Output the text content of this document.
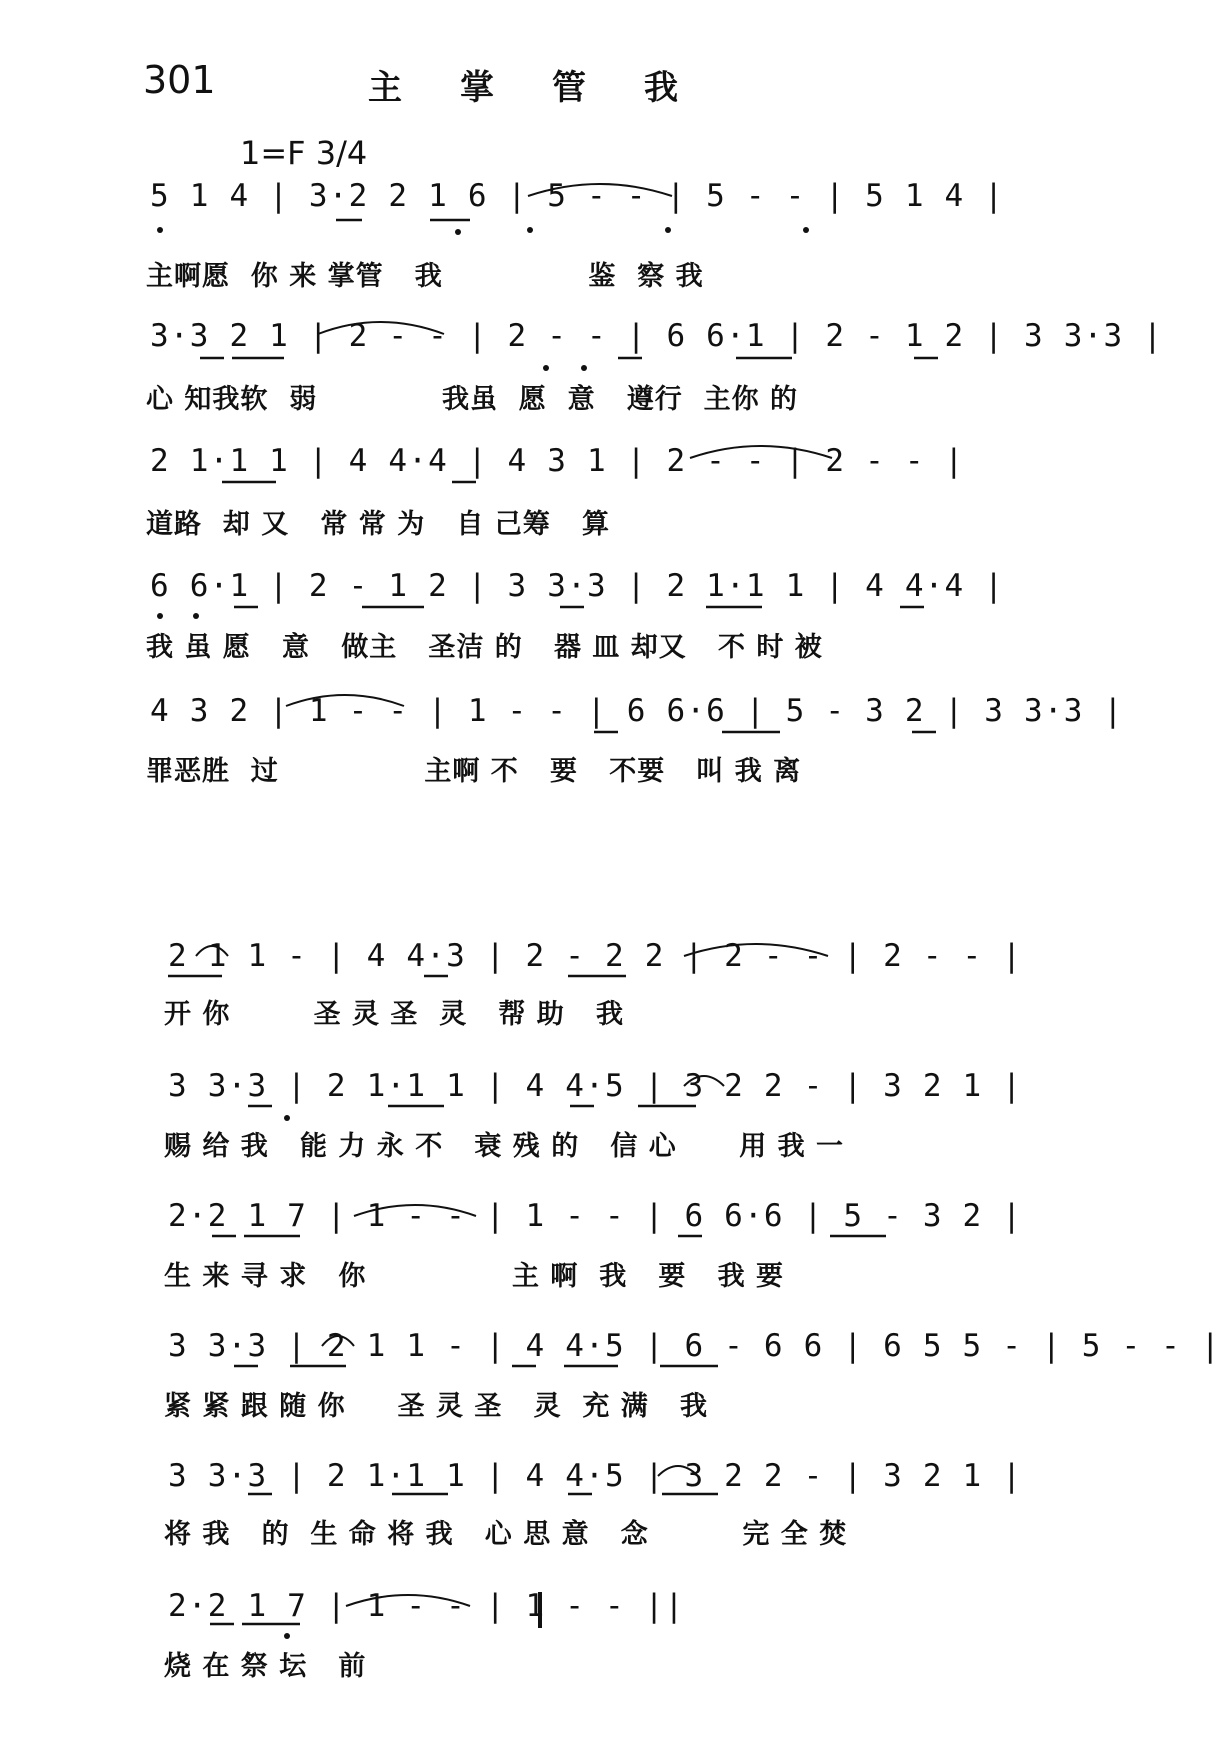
301	主掌管我
1=F 3/4
5 1 4 | 3·2 2 1 6 | 5 - - | 5 - - | 5 1 4 |
主啊愿  你 来 掌管   我              鉴  察 我
3·3 2 1 | 2 - - | 2 - - | 6 6·1 | 2 - 1 2 | 3 3·3 |
心 知我软  弱            我虽  愿  意   遵行  主你 的
2 1·1 1 | 4 4·4 | 4 3 1 | 2 - - | 2 - - |
道路  却 又   常 常 为   自 己筹   算
6 6·1 | 2 - 1 2 | 3 3·3 | 2 1·1 1 | 4 4·4 |
我 虽 愿   意   做主   圣洁 的   器 皿 却又   不 时 被
4 3 2 | 1 - - | 1 - - | 6 6·6 | 5 - 3 2 | 3 3·3 |
罪恶胜  过              主啊 不   要   不要   叫 我 离
2 1 1 - | 4 4·3 | 2 - 2 2 | 2 - - | 2 - - |
开 你        圣 灵 圣  灵   帮 助   我
3 3·3 | 2 1·1 1 | 4 4·5 | 3 2 2 - | 3 2 1 |
赐 给 我   能 力 永 不   衰 残 的   信 心      用 我 一
2·2 1 7 | 1 - - | 1 - - | 6 6·6 | 5 - 3 2 |
生 来 寻 求   你              主 啊  我   要   我 要
3 3·3 | 2 1 1 - | 4 4·5 | 6 - 6 6 | 6 5 5 - | 5 - - |
紧 紧 跟 随 你     圣 灵 圣   灵  充 满   我
3 3·3 | 2 1·1 1 | 4 4·5 | 3 2 2 - | 3 2 1 |
将 我   的  生 命 将 我   心 思 意   念         完 全 焚
2·2 1 7 | 1 - - | 1 - - ||
烧 在 祭 坛   前
